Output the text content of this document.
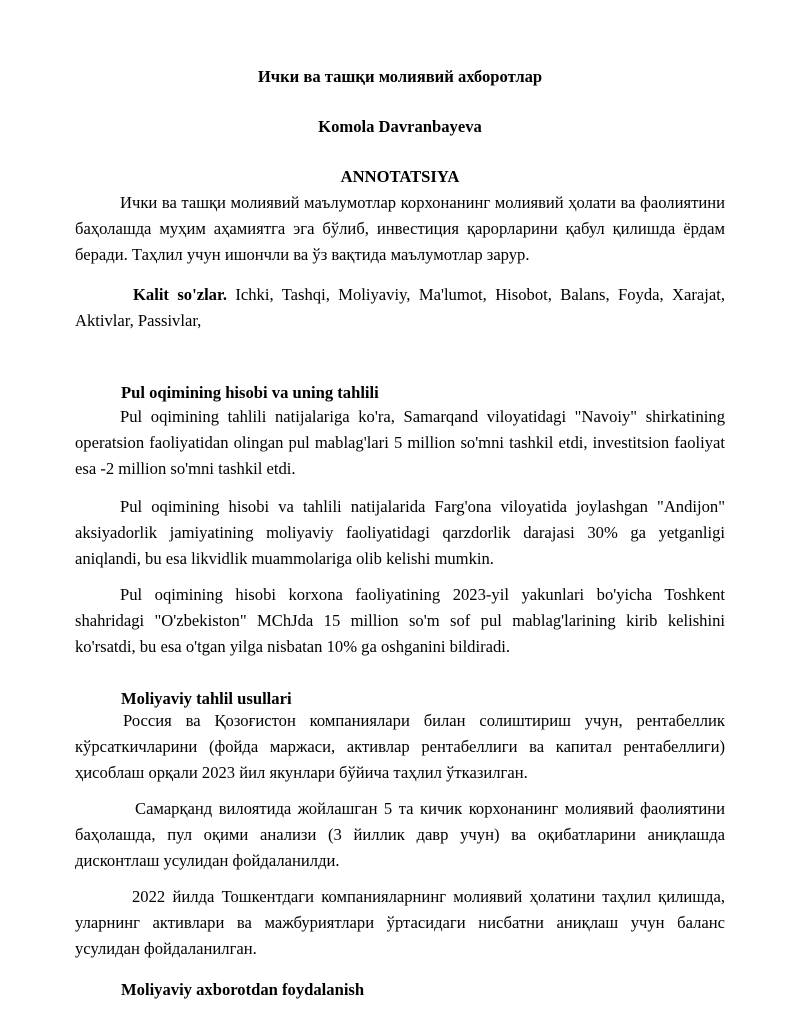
Ички ва ташқи молиявий ахборотлар
Komola Davranbayeva
ANNOTATSIYA
Ички ва ташқи молиявий маълумотлар корхонанинг молиявий ҳолати ва фаолиятини баҳолашда муҳим аҳамиятга эга бўлиб, инвестиция қарорларини қабул қилишда ёрдам беради. Таҳлил учун ишончли ва ўз вақтида маълумотлар зарур.
Kalit so'zlar. Ichki, Tashqi, Moliyaviy, Ma'lumot, Hisobot, Balans, Foyda, Xarajat, Aktivlar, Passivlar,
Pul oqimining hisobi va uning tahlili
Pul oqimining tahlili natijalariga ko'ra, Samarqand viloyatidagi "Navoiy" shirkatining operatsion faoliyatidan olingan pul mablag'lari 5 million so'mni tashkil etdi, investitsion faoliyat esa -2 million so'mni tashkil etdi.
Pul oqimining hisobi va tahlili natijalarida Farg'ona viloyatida joylashgan "Andijon" aksiyadorlik jamiyatining moliyaviy faoliyatidagi qarzdorlik darajasi 30% ga yetganligi aniqlandi, bu esa likvidlik muammolariga olib kelishi mumkin.
Pul oqimining hisobi korxona faoliyatining 2023-yil yakunlari bo'yicha Toshkent shahridagi "O'zbekiston" MChJda 15 million so'm sof pul mablag'larining kirib kelishini ko'rsatdi, bu esa o'tgan yilga nisbatan 10% ga oshganini bildiradi.
Moliyaviy tahlil usullari
Россия ва Қозоғистон компаниялари билан солиштириш учун, рентабеллик кўрсаткичларини (фойда маржаси, активлар рентабеллиги ва капитал рентабеллиги) ҳисоблаш орқали 2023 йил якунлари бўйича таҳлил ўтказилган.
Самарқанд вилоятида жойлашган 5 та кичик корхонанинг молиявий фаолиятини баҳолашда, пул оқими анализи (3 йиллик давр учун) ва оқибатларини аниқлашда дисконтлаш усулидан фойдаланилди.
2022 йилда Тошкентдаги компанияларнинг молиявий ҳолатини таҳлил қилишда, уларнинг активлари ва мажбуриятлари ўртасидаги нисбатни аниқлаш учун баланс усулидан фойдаланилган.
Moliyaviy axborotdan foydalanish
